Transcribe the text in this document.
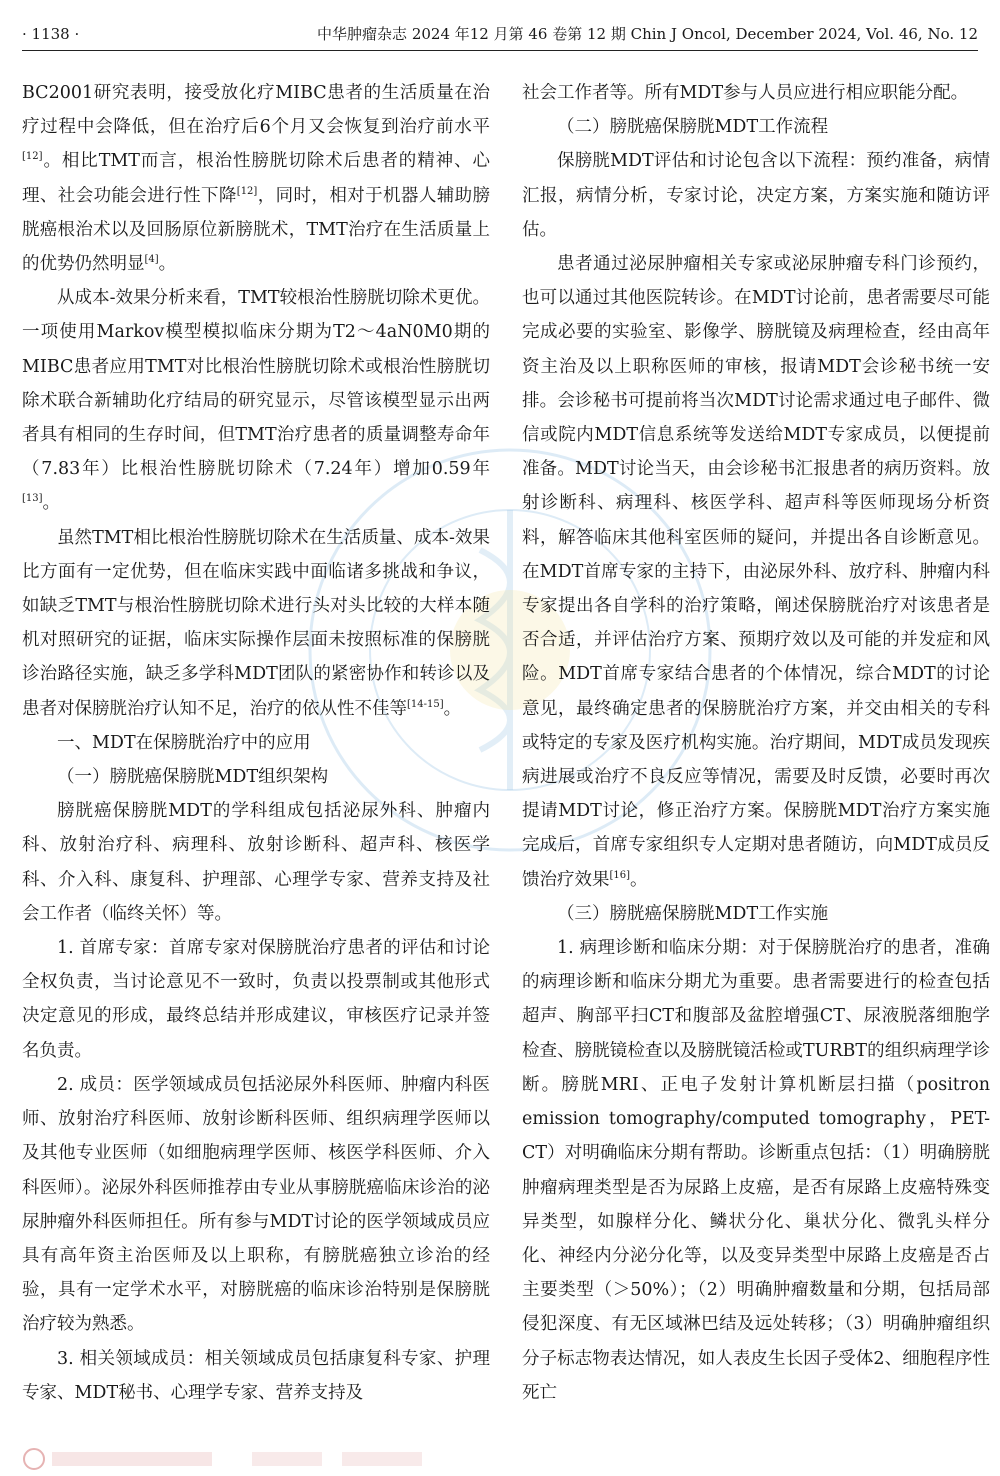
· 1138 ·	中华肿瘤杂志 2024 年12 月第 46 卷第 12 期 Chin J Oncol, December 2024, Vol. 46, No. 12

BC2001研究表明，接受放化疗MIBC患者的生活质量在治疗过程中会降低，但在治疗后6个月又会恢复到治疗前水平[12]。相比TMT而言，根治性膀胱切除术后患者的精神、心理、社会功能会进行性下降[12]，同时，相对于机器人辅助膀胱癌根治术以及回肠原位新膀胱术，TMT治疗在生活质量上的优势仍然明显[4]。

从成本-效果分析来看，TMT较根治性膀胱切除术更优。一项使用Markov模型模拟临床分期为T2～4aN0M0期的MIBC患者应用TMT对比根治性膀胱切除术或根治性膀胱切除术联合新辅助化疗结局的研究显示，尽管该模型显示出两者具有相同的生存时间，但TMT治疗患者的质量调整寿命年（7.83年）比根治性膀胱切除术（7.24年）增加0.59年[13]。

虽然TMT相比根治性膀胱切除术在生活质量、成本-效果比方面有一定优势，但在临床实践中面临诸多挑战和争议，如缺乏TMT与根治性膀胱切除术进行头对头比较的大样本随机对照研究的证据，临床实际操作层面未按照标准的保膀胱诊治路径实施，缺乏多学科MDT团队的紧密协作和转诊以及患者对保膀胱治疗认知不足，治疗的依从性不佳等[14-15]。

一、MDT在保膀胱治疗中的应用

（一）膀胱癌保膀胱MDT组织架构

膀胱癌保膀胱MDT的学科组成包括泌尿外科、肿瘤内科、放射治疗科、病理科、放射诊断科、超声科、核医学科、介入科、康复科、护理部、心理学专家、营养支持及社会工作者（临终关怀）等。

1. 首席专家：首席专家对保膀胱治疗患者的评估和讨论全权负责，当讨论意见不一致时，负责以投票制或其他形式决定意见的形成，最终总结并形成建议，审核医疗记录并签名负责。

2. 成员：医学领域成员包括泌尿外科医师、肿瘤内科医师、放射治疗科医师、放射诊断科医师、组织病理学医师以及其他专业医师（如细胞病理学医师、核医学科医师、介入科医师）。泌尿外科医师推荐由专业从事膀胱癌临床诊治的泌尿肿瘤外科医师担任。所有参与MDT讨论的医学领域成员应具有高年资主治医师及以上职称，有膀胱癌独立诊治的经验，具有一定学术水平，对膀胱癌的临床诊治特别是保膀胱治疗较为熟悉。

3. 相关领域成员：相关领域成员包括康复科专家、护理专家、MDT秘书、心理学专家、营养支持及

社会工作者等。所有MDT参与人员应进行相应职能分配。

（二）膀胱癌保膀胱MDT工作流程

保膀胱MDT评估和讨论包含以下流程：预约准备，病情汇报，病情分析，专家讨论，决定方案，方案实施和随访评估。

患者通过泌尿肿瘤相关专家或泌尿肿瘤专科门诊预约，也可以通过其他医院转诊。在MDT讨论前，患者需要尽可能完成必要的实验室、影像学、膀胱镜及病理检查，经由高年资主治及以上职称医师的审核，报请MDT会诊秘书统一安排。会诊秘书可提前将当次MDT讨论需求通过电子邮件、微信或院内MDT信息系统等发送给MDT专家成员，以便提前准备。MDT讨论当天，由会诊秘书汇报患者的病历资料。放射诊断科、病理科、核医学科、超声科等医师现场分析资料，解答临床其他科室医师的疑问，并提出各自诊断意见。在MDT首席专家的主持下，由泌尿外科、放疗科、肿瘤内科专家提出各自学科的治疗策略，阐述保膀胱治疗对该患者是否合适，并评估治疗方案、预期疗效以及可能的并发症和风险。MDT首席专家结合患者的个体情况，综合MDT的讨论意见，最终确定患者的保膀胱治疗方案，并交由相关的专科或特定的专家及医疗机构实施。治疗期间，MDT成员发现疾病进展或治疗不良反应等情况，需要及时反馈，必要时再次提请MDT讨论，修正治疗方案。保膀胱MDT治疗方案实施完成后，首席专家组织专人定期对患者随访，向MDT成员反馈治疗效果[16]。

（三）膀胱癌保膀胱MDT工作实施

1. 病理诊断和临床分期：对于保膀胱治疗的患者，准确的病理诊断和临床分期尤为重要。患者需要进行的检查包括超声、胸部平扫CT和腹部及盆腔增强CT、尿液脱落细胞学检查、膀胱镜检查以及膀胱镜活检或TURBT的组织病理学诊断。膀胱MRI、正电子发射计算机断层扫描（positron emission tomography/computed tomography，PET-CT）对明确临床分期有帮助。诊断重点包括：（1）明确膀胱肿瘤病理类型是否为尿路上皮癌，是否有尿路上皮癌特殊变异类型，如腺样分化、鳞状分化、巢状分化、微乳头样分化、神经内分泌分化等，以及变异类型中尿路上皮癌是否占主要类型（＞50%）；（2）明确肿瘤数量和分期，包括局部侵犯深度、有无区域淋巴结及远处转移；（3）明确肿瘤组织分子标志物表达情况，如人表皮生长因子受体2、细胞程序性死亡
